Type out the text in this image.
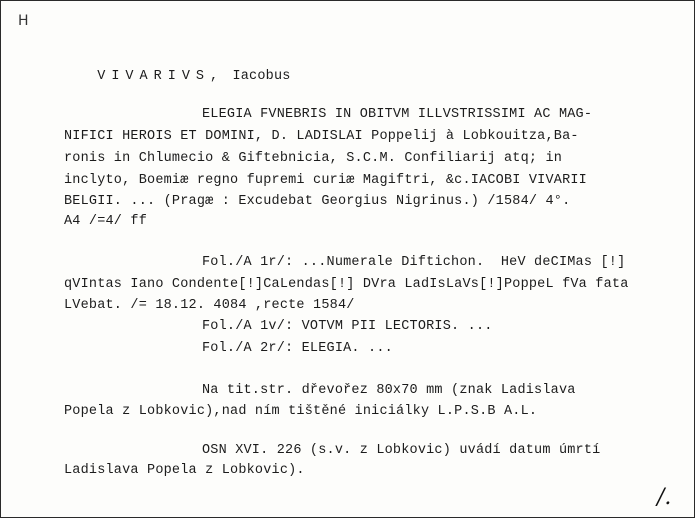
H

VIVARIVS, Iacobus

ELEGIA FVNEBRIS IN OBITVM ILLVSTRISSIMI AC MAG-
NIFICI HEROIS ET DOMINI, D. LADISLAI Poppelij à Lobkouitza,Ba-
ronis in Chlumecio & Giftebnicia, S.C.M. Confiliarij atq; in
inclyto, Boemiæ regno fupremi curiæ Magiftri, &c.IACOBI VIVARII
BELGII. ... (Pragæ : Excudebat Georgius Nigrinus.) /1584/ 4°.
A4 /=4/ ff
Fol./A 1r/: ...Numerale Diftichon.  HeV deCIMas [!]
qVIntas Iano Condente[!]CaLendas[!] DVra LadIsLaVs[!]PoppeL fVa fata
LVebat. /= 18.12. 4084 ,recte 1584/
Fol./A 1v/: VOTVM PII LECTORIS. ...
Fol./A 2r/: ELEGIA. ...
Na tit.str. dřevořez 80x70 mm (znak Ladislava
Popela z Lobkovic),nad ním tištěné iniciálky L.P.S.B A.L.
OSN XVI. 226 (s.v. z Lobkovic) uvádí datum úmrtí
Ladislava Popela z Lobkovic).
/.
